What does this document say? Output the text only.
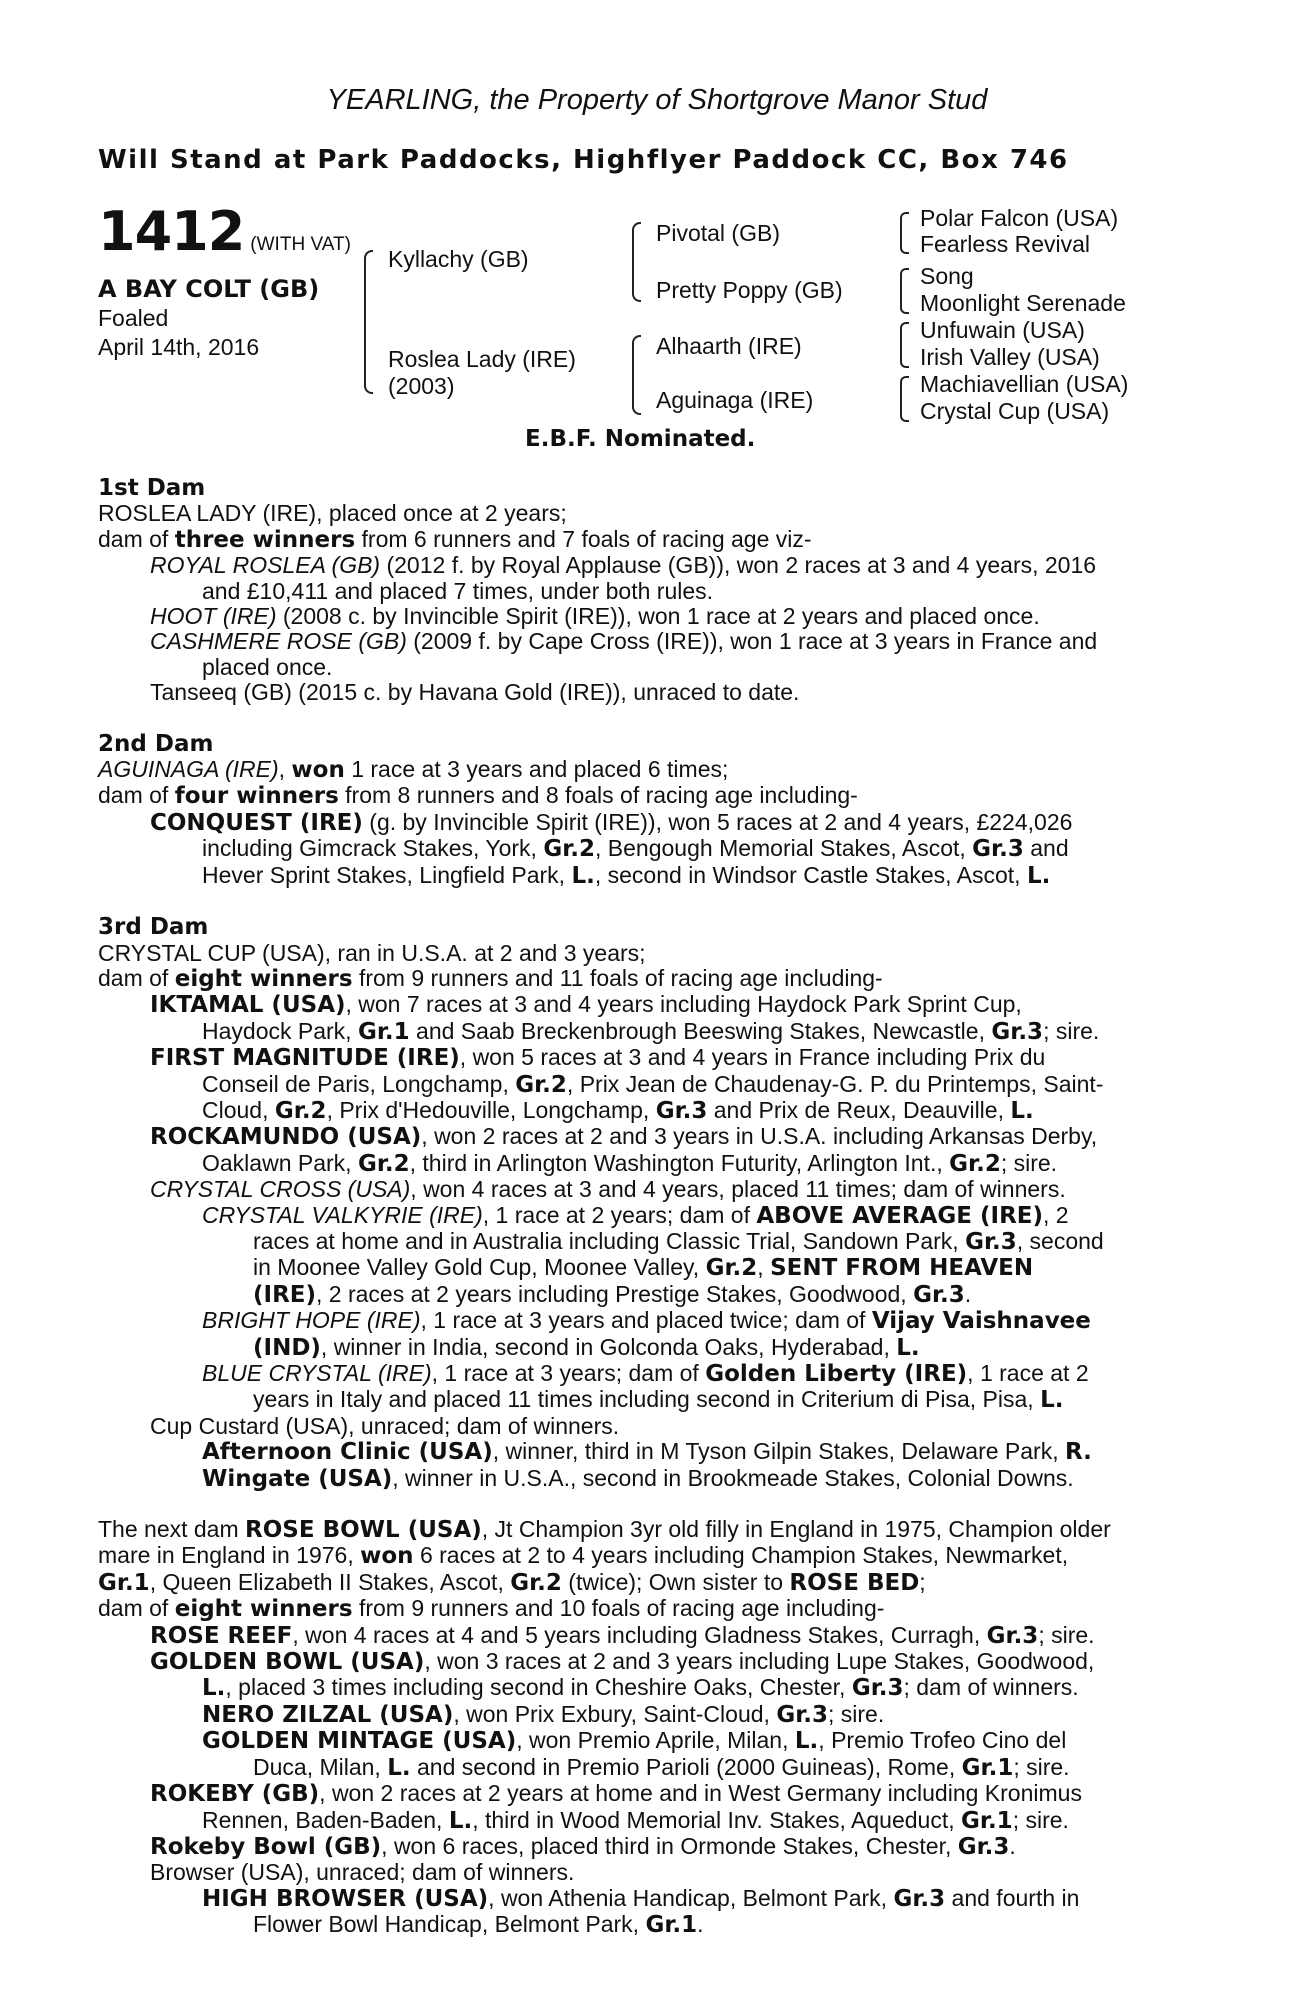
YEARLING, the Property of Shortgrove Manor Stud
Will Stand at Park Paddocks, Highflyer Paddock CC, Box 746
1412 (WITH VAT)
A BAY COLT (GB)
Foaled
April 14th, 2016
Kyllachy (GB)
Roslea Lady (IRE)
(2003)
Pivotal (GB)
Pretty Poppy (GB)
Alhaarth (IRE)
Aguinaga (IRE)
Polar Falcon (USA)
Fearless Revival
Song
Moonlight Serenade
Unfuwain (USA)
Irish Valley (USA)
Machiavellian (USA)
Crystal Cup (USA)
E.B.F. Nominated.
1st Dam
ROSLEA LADY (IRE), placed once at 2 years;
dam of three winners from 6 runners and 7 foals of racing age viz-
ROYAL ROSLEA (GB) (2012 f. by Royal Applause (GB)), won 2 races at 3 and 4 years, 2016
and £10,411 and placed 7 times, under both rules.
HOOT (IRE) (2008 c. by Invincible Spirit (IRE)), won 1 race at 2 years and placed once.
CASHMERE ROSE (GB) (2009 f. by Cape Cross (IRE)), won 1 race at 3 years in France and
placed once.
Tanseeq (GB) (2015 c. by Havana Gold (IRE)), unraced to date.
2nd Dam
AGUINAGA (IRE), won 1 race at 3 years and placed 6 times;
dam of four winners from 8 runners and 8 foals of racing age including-
CONQUEST (IRE) (g. by Invincible Spirit (IRE)), won 5 races at 2 and 4 years, £224,026
including Gimcrack Stakes, York, Gr.2, Bengough Memorial Stakes, Ascot, Gr.3 and
Hever Sprint Stakes, Lingfield Park, L., second in Windsor Castle Stakes, Ascot, L.
3rd Dam
CRYSTAL CUP (USA), ran in U.S.A. at 2 and 3 years;
dam of eight winners from 9 runners and 11 foals of racing age including-
IKTAMAL (USA), won 7 races at 3 and 4 years including Haydock Park Sprint Cup,
Haydock Park, Gr.1 and Saab Breckenbrough Beeswing Stakes, Newcastle, Gr.3; sire.
FIRST MAGNITUDE (IRE), won 5 races at 3 and 4 years in France including Prix du
Conseil de Paris, Longchamp, Gr.2, Prix Jean de Chaudenay-G. P. du Printemps, Saint-
Cloud, Gr.2, Prix d'Hedouville, Longchamp, Gr.3 and Prix de Reux, Deauville, L.
ROCKAMUNDO (USA), won 2 races at 2 and 3 years in U.S.A. including Arkansas Derby,
Oaklawn Park, Gr.2, third in Arlington Washington Futurity, Arlington Int., Gr.2; sire.
CRYSTAL CROSS (USA), won 4 races at 3 and 4 years, placed 11 times; dam of winners.
CRYSTAL VALKYRIE (IRE), 1 race at 2 years; dam of ABOVE AVERAGE (IRE), 2
races at home and in Australia including Classic Trial, Sandown Park, Gr.3, second
in Moonee Valley Gold Cup, Moonee Valley, Gr.2, SENT FROM HEAVEN
(IRE), 2 races at 2 years including Prestige Stakes, Goodwood, Gr.3.
BRIGHT HOPE (IRE), 1 race at 3 years and placed twice; dam of Vijay Vaishnavee
(IND), winner in India, second in Golconda Oaks, Hyderabad, L.
BLUE CRYSTAL (IRE), 1 race at 3 years; dam of Golden Liberty (IRE), 1 race at 2
years in Italy and placed 11 times including second in Criterium di Pisa, Pisa, L.
Cup Custard (USA), unraced; dam of winners.
Afternoon Clinic (USA), winner, third in M Tyson Gilpin Stakes, Delaware Park, R.
Wingate (USA), winner in U.S.A., second in Brookmeade Stakes, Colonial Downs.
The next dam ROSE BOWL (USA), Jt Champion 3yr old filly in England in 1975, Champion older
mare in England in 1976, won 6 races at 2 to 4 years including Champion Stakes, Newmarket,
Gr.1, Queen Elizabeth II Stakes, Ascot, Gr.2 (twice); Own sister to ROSE BED;
dam of eight winners from 9 runners and 10 foals of racing age including-
ROSE REEF, won 4 races at 4 and 5 years including Gladness Stakes, Curragh, Gr.3; sire.
GOLDEN BOWL (USA), won 3 races at 2 and 3 years including Lupe Stakes, Goodwood,
L., placed 3 times including second in Cheshire Oaks, Chester, Gr.3; dam of winners.
NERO ZILZAL (USA), won Prix Exbury, Saint-Cloud, Gr.3; sire.
GOLDEN MINTAGE (USA), won Premio Aprile, Milan, L., Premio Trofeo Cino del
Duca, Milan, L. and second in Premio Parioli (2000 Guineas), Rome, Gr.1; sire.
ROKEBY (GB), won 2 races at 2 years at home and in West Germany including Kronimus
Rennen, Baden-Baden, L., third in Wood Memorial Inv. Stakes, Aqueduct, Gr.1; sire.
Rokeby Bowl (GB), won 6 races, placed third in Ormonde Stakes, Chester, Gr.3.
Browser (USA), unraced; dam of winners.
HIGH BROWSER (USA), won Athenia Handicap, Belmont Park, Gr.3 and fourth in
Flower Bowl Handicap, Belmont Park, Gr.1.
